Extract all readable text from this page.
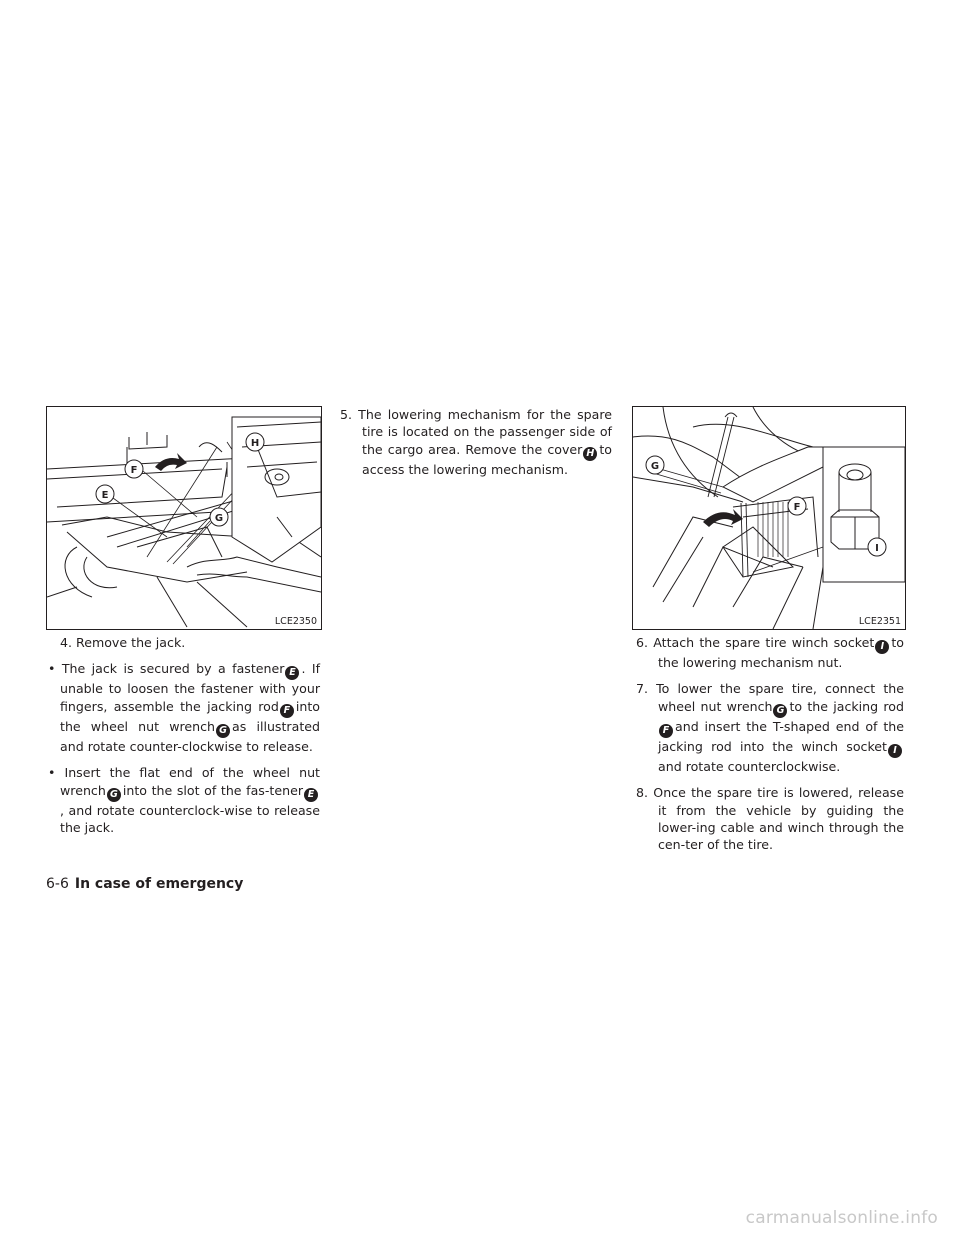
H
F
E
G
LCE2350
G
F
I
LCE2351

4. Remove the jack.

• The jack is secured by a fastener E . If unable to loosen the fastener with your fingers, assemble the jacking rod F into the wheel nut wrench G as illustrated and rotate counter-clockwise to release.

• Insert the flat end of the wheel nut wrench G into the slot of the fas-tener E, and rotate counterclock-wise to release the jack.

5. The lowering mechanism for the spare tire is located on the passenger side of the cargo area. Remove the cover H to access the lowering mechanism.

6. Attach the spare tire winch socket I to the lowering mechanism nut.

7. To lower the spare tire, connect the wheel nut wrench G to the jacking rodF and insert the T-shaped end of the jacking rod into the winch socket Iand rotate counterclockwise.

8. Once the spare tire is lowered, release it from the vehicle by guiding the lower-ing cable and winch through the cen-ter of the tire.

6-6 In case of emergency
carmanualsonline.info
